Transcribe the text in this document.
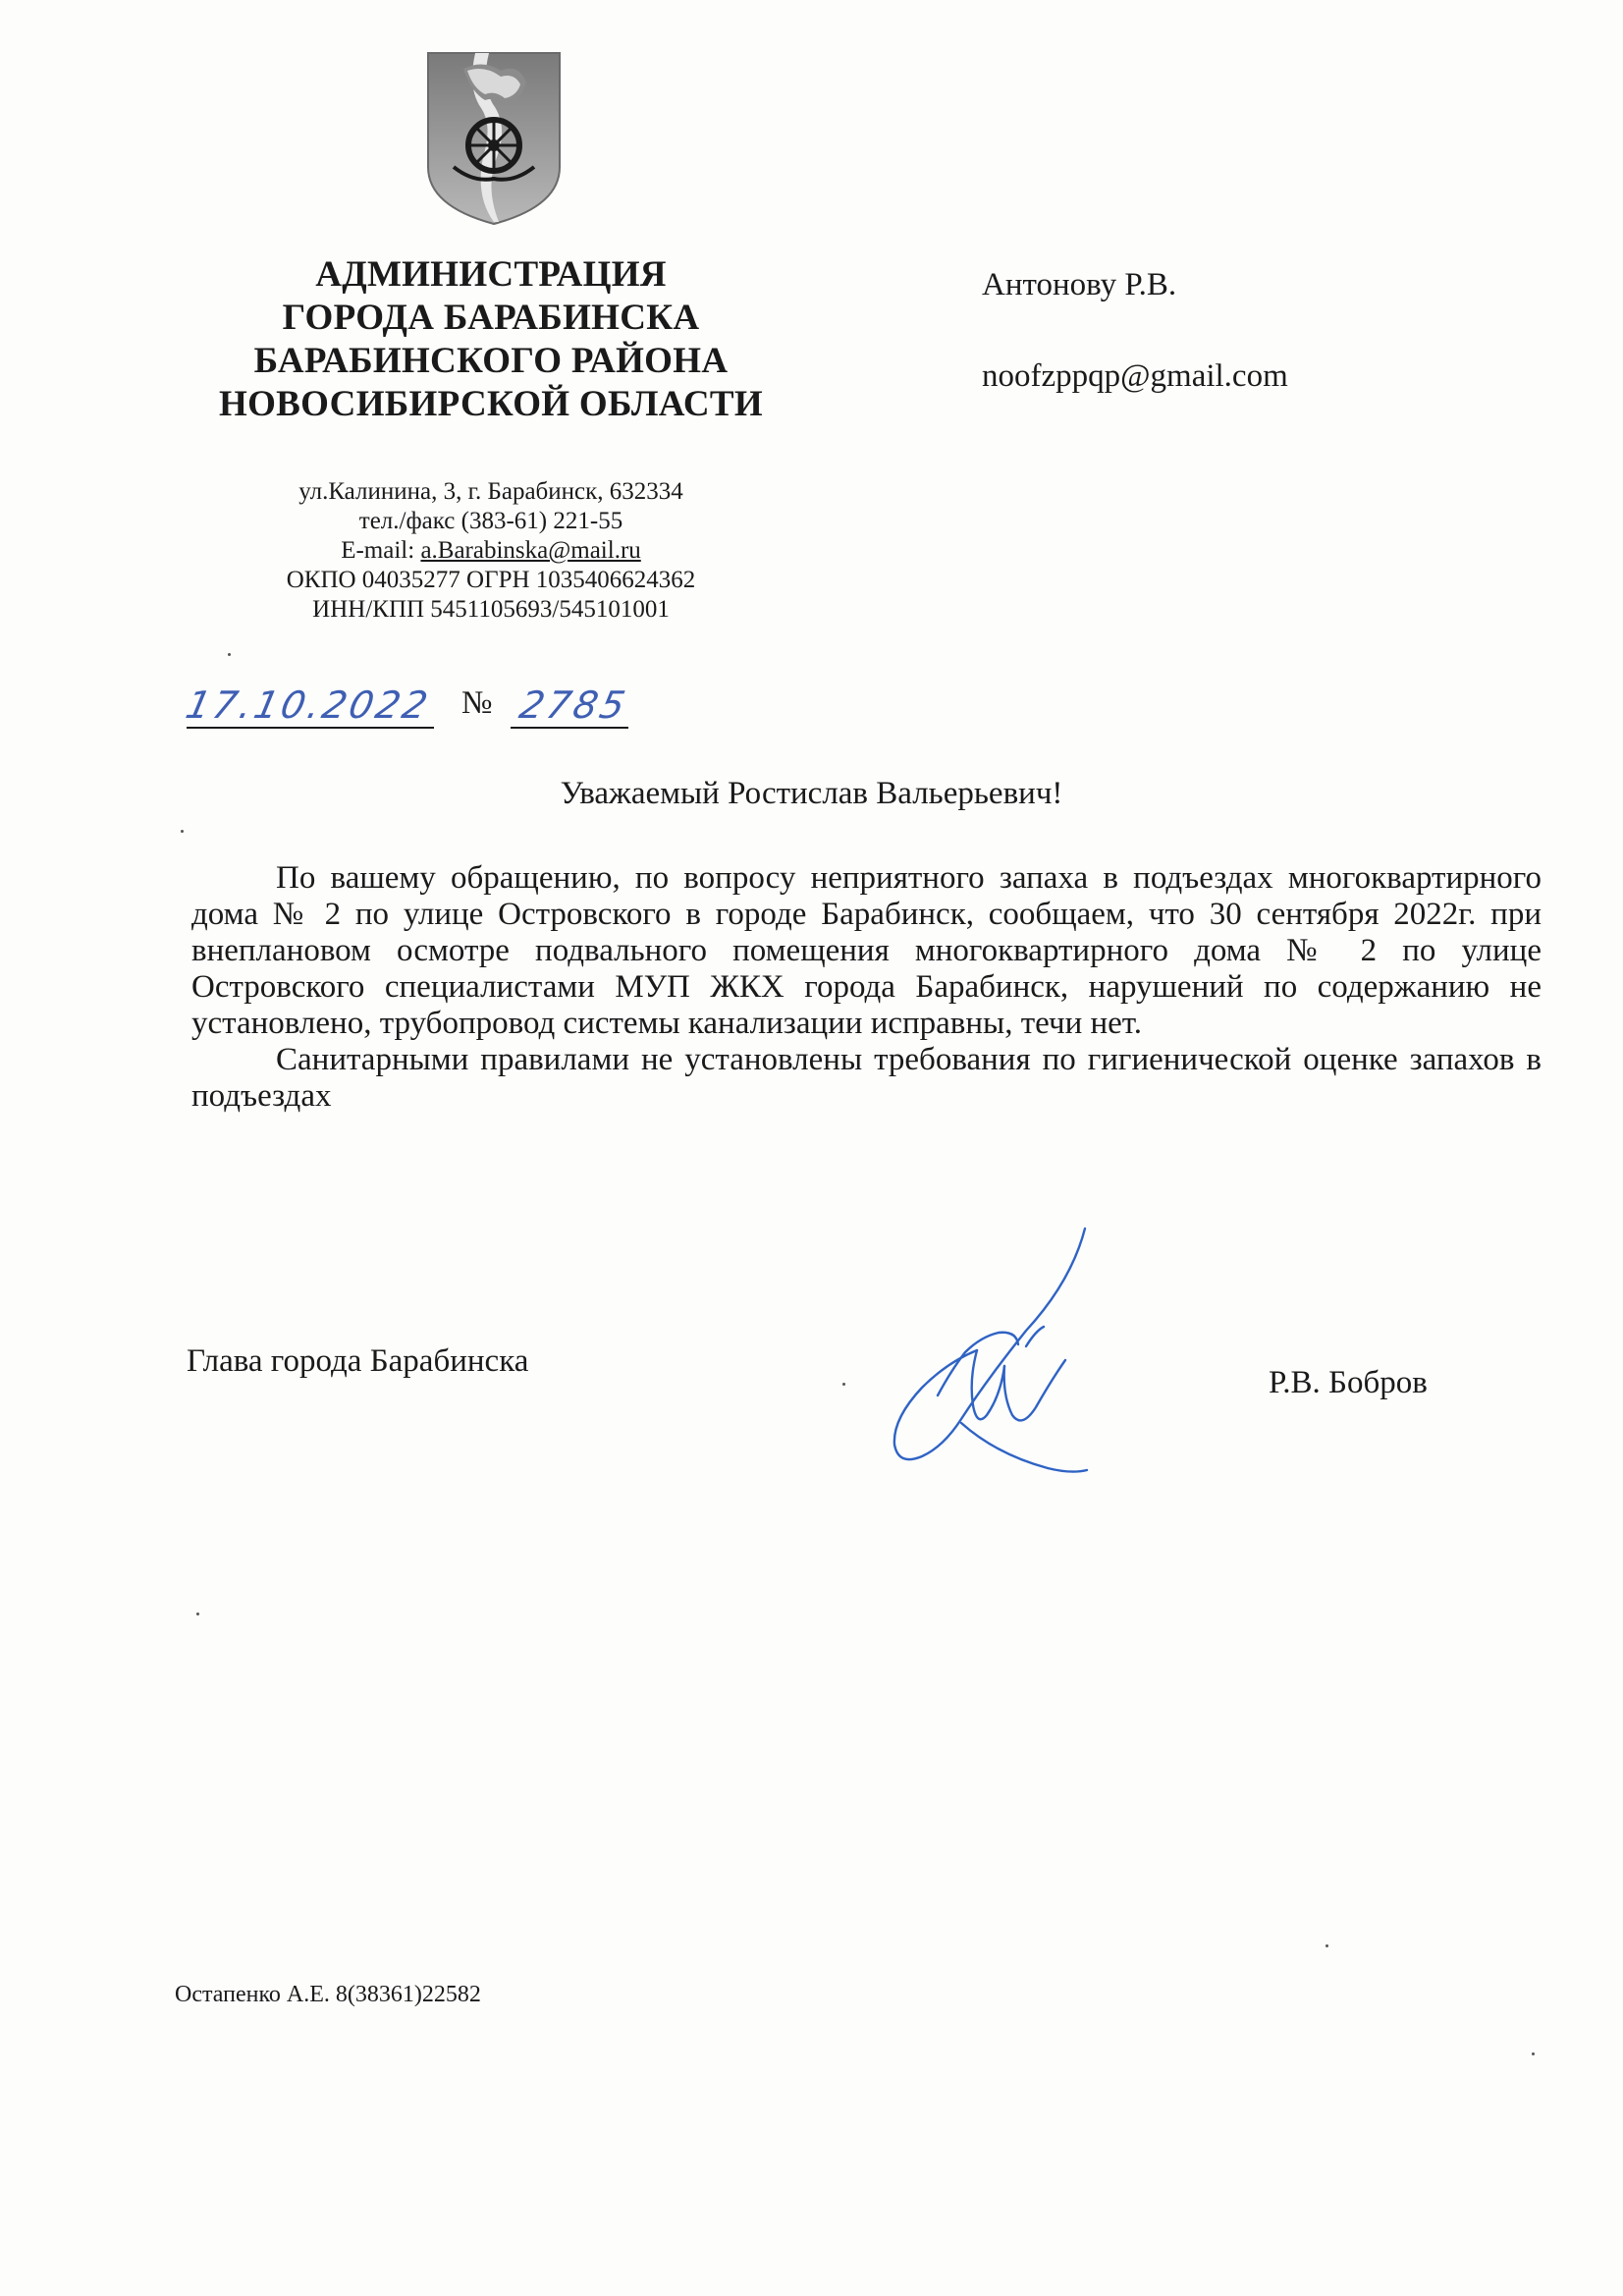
АДМИНИСТРАЦИЯ
ГОРОДА БАРАБИНСКА
БАРАБИНСКОГО РАЙОНА
НОВОСИБИРСКОЙ ОБЛАСТИ
ул.Калинина, 3, г. Барабинск, 632334
тел./факс (383-61) 221-55
E-mail: a.Barabinska@mail.ru
ОКПО 04035277 ОГРН 1035406624362
ИНН/КПП 5451105693/545101001
Антонову Р.В.
noofzppqp@gmail.com
17.10.2022 № 2785
Уважаемый Ростислав Вальерьевич!

По вашему обращению, по вопросу неприятного запаха в подъездах многоквартирного дома № 2 по улице Островского в городе Барабинск, сообщаем, что 30 сентября 2022г. при внеплановом осмотре подвального помещения многоквартирного дома № 2 по улице Островского специалистами МУП ЖКХ города Барабинск, нарушений по содержанию не установлено, трубопровод системы канализации исправны, течи нет.

Санитарными правилами не установлены требования по гигиенической оценке запахов в подъездах

Глава города Барабинска
Р.В. Бобров
Остапенко А.Е. 8(38361)22582
